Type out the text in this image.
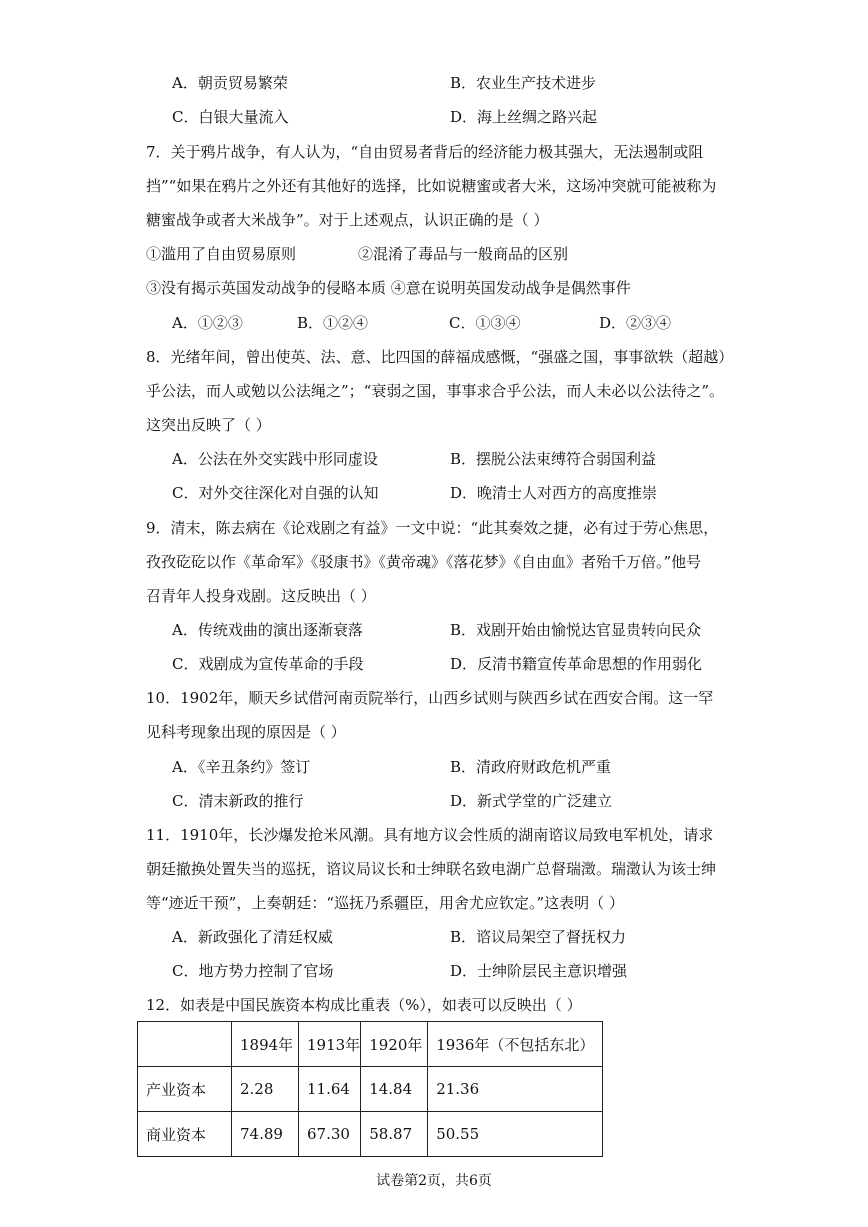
A．朝贡贸易繁荣	B．农业生产技术进步
C．白银大量流入	D．海上丝绸之路兴起
7．关于鸦片战争，有人认为，“自由贸易者背后的经济能力极其强大，无法遏制或阻
挡”“如果在鸦片之外还有其他好的选择，比如说糖蜜或者大米，这场冲突就可能被称为
糖蜜战争或者大米战争”。对于上述观点，认识正确的是（ ）
①滥用了自由贸易原则	②混淆了毒品与一般商品的区别
③没有揭示英国发动战争的侵略本质 ④意在说明英国发动战争是偶然事件
A．①②③	B．①②④	C．①③④	D．②③④
8．光绪年间，曾出使英、法、意、比四国的薛福成感慨，“强盛之国，事事欲轶（超越）
乎公法，而人或勉以公法绳之”；“衰弱之国，事事求合乎公法，而人未必以公法待之”。
这突出反映了（ ）
A．公法在外交实践中形同虚设	B．摆脱公法束缚符合弱国利益
C．对外交往深化对自强的认知	D．晚清士人对西方的高度推崇
9．清末，陈去病在《论戏剧之有益》一文中说：“此其奏效之捷，必有过于劳心焦思，
孜孜矻矻以作《革命军》《驳康书》《黄帝魂》《落花梦》《自由血》者殆千万倍。”他号
召青年人投身戏剧。这反映出（ ）
A．传统戏曲的演出逐渐衰落	B．戏剧开始由愉悦达官显贵转向民众
C．戏剧成为宣传革命的手段	D．反清书籍宣传革命思想的作用弱化
10．1902年，顺天乡试借河南贡院举行，山西乡试则与陕西乡试在西安合闱。这一罕
见科考现象出现的原因是（ ）
A．《辛丑条约》签订	B．清政府财政危机严重
C．清末新政的推行	D．新式学堂的广泛建立
11．1910年，长沙爆发抢米风潮。具有地方议会性质的湖南谘议局致电军机处，请求
朝廷撤换处置失当的巡抚，谘议局议长和士绅联名致电湖广总督瑞澂。瑞澂认为该士绅
等“迹近干预”，上奏朝廷：“巡抚乃系疆臣，用舍尤应钦定。”这表明（ ）
A．新政强化了清廷权威	B．谘议局架空了督抚权力
C．地方势力控制了官场	D．士绅阶层民主意识增强
12．如表是中国民族资本构成比重表（%），如表可以反映出（ ）
	1894年	1913年	1920年	1936年（不包括东北）
产业资本	2.28	11.64	14.84	21.36
商业资本	74.89	67.30	58.87	50.55
试卷第2页，共6页
